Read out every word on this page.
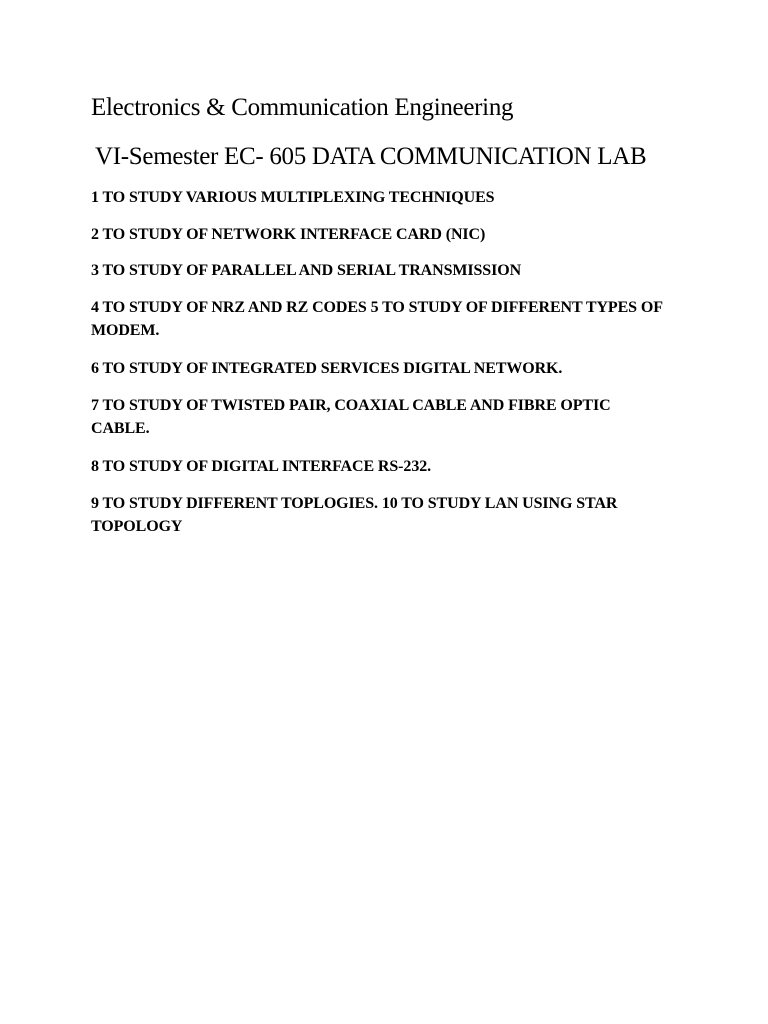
Electronics & Communication Engineering
VI-Semester EC- 605 DATA COMMUNICATION LAB

1 TO STUDY VARIOUS MULTIPLEXING TECHNIQUES

2 TO STUDY OF NETWORK INTERFACE CARD (NIC)

3 TO STUDY OF PARALLEL AND SERIAL TRANSMISSION

4 TO STUDY OF NRZ AND RZ CODES 5 TO STUDY OF DIFFERENT TYPES OF MODEM.

6 TO STUDY OF INTEGRATED SERVICES DIGITAL NETWORK.

7 TO STUDY OF TWISTED PAIR, COAXIAL CABLE AND FIBRE OPTIC CABLE.

8 TO STUDY OF DIGITAL INTERFACE RS-232.

9 TO STUDY DIFFERENT TOPLOGIES. 10 TO STUDY LAN USING STAR TOPOLOGY
